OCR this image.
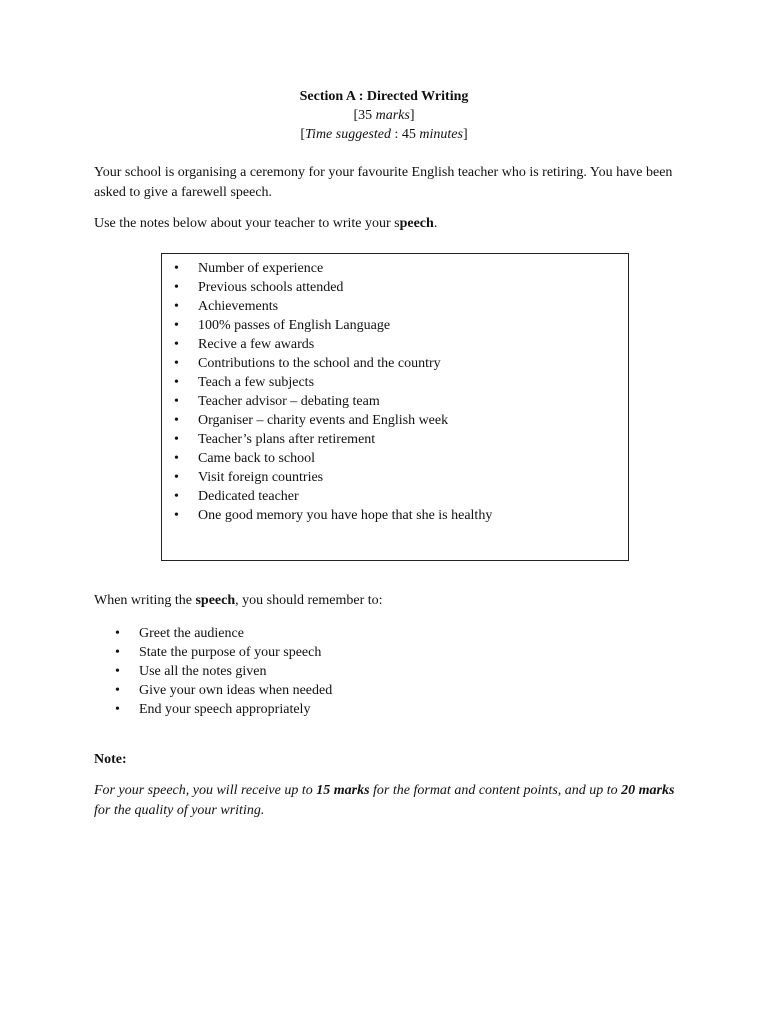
Section A : Directed Writing
[35 marks]
[Time suggested : 45 minutes]
Your school is organising a ceremony for your favourite English teacher who is retiring. You have been asked to give a farewell speech.
Use the notes below about your teacher to write your speech.
• Number of experience
• Previous schools attended
• Achievements
• 100% passes of English Language
• Recive a few awards
• Contributions to the school and the country
• Teach a few subjects
• Teacher advisor – debating team
• Organiser – charity events and English week
• Teacher’s plans after retirement
• Came back to school
• Visit foreign countries
• Dedicated teacher
• One good memory you have hope that she is healthy
When writing the speech, you should remember to:
• Greet the audience
• State the purpose of your speech
• Use all the notes given
• Give your own ideas when needed
• End your speech appropriately
Note:
For your speech, you will receive up to 15 marks for the format and content points, and up to 20 marks for the quality of your writing.
